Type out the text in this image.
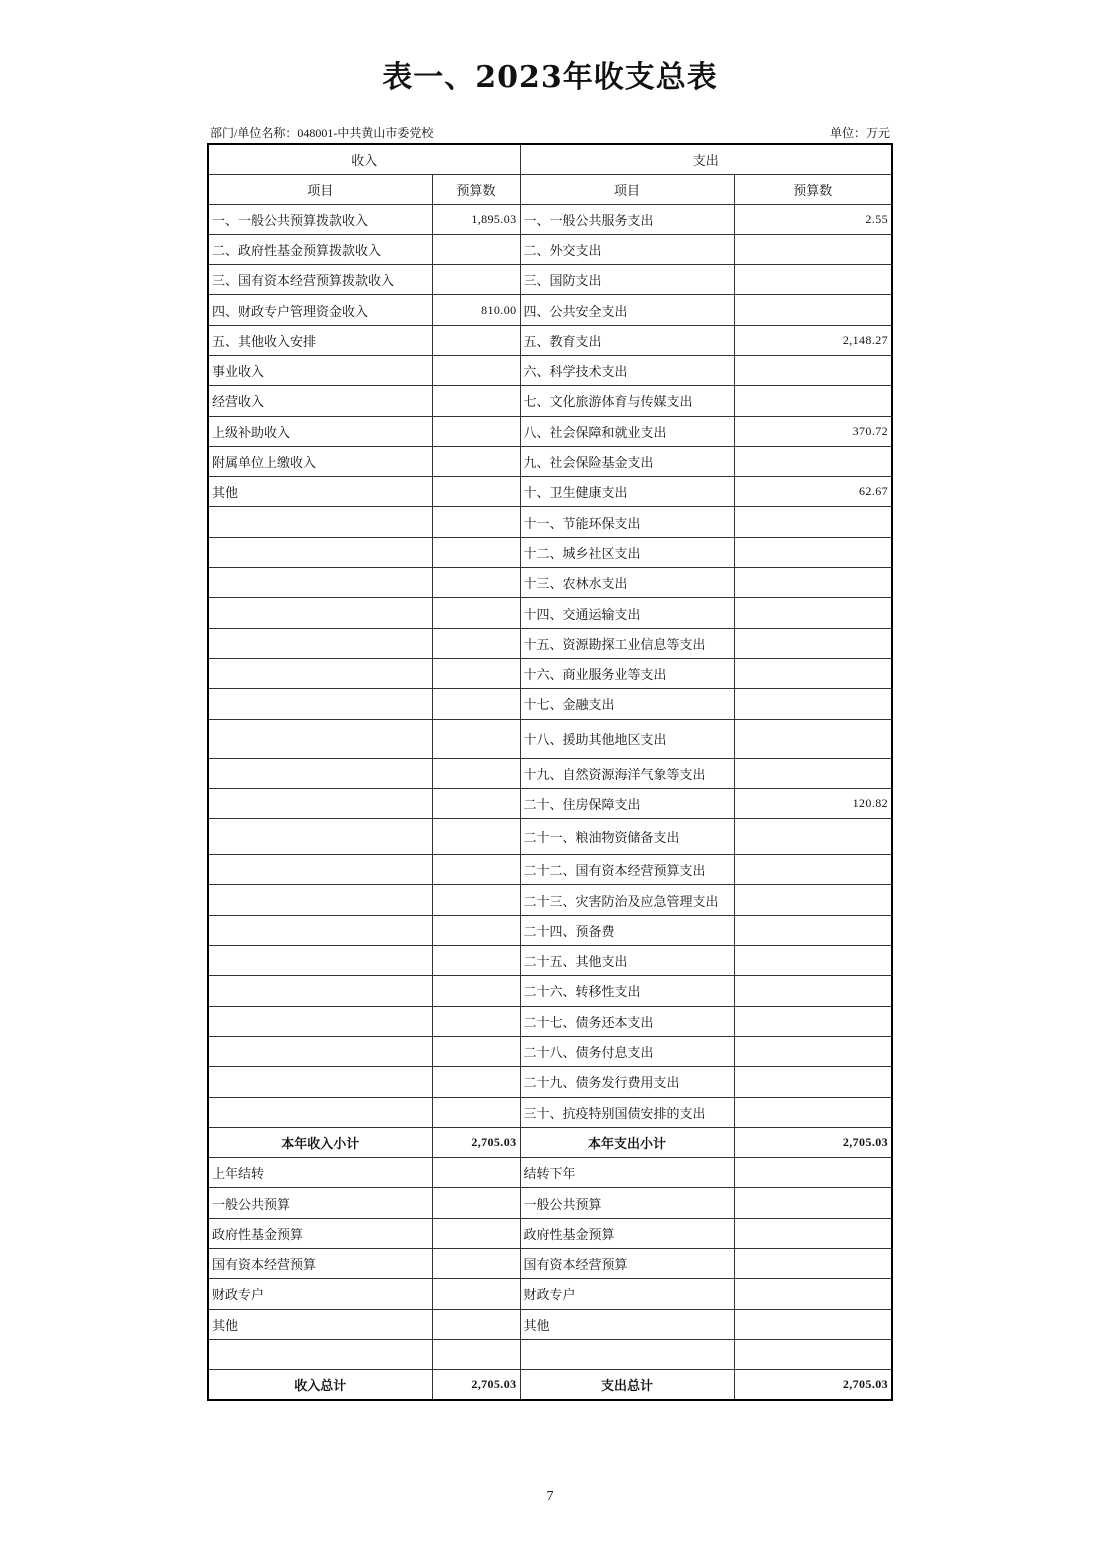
表一、2023年收支总表
部门/单位名称：048001-中共黄山市委党校	单位：万元
收入		支出	
项目	预算数	项目	预算数
一、一般公共预算拨款收入	1,895.03	一、一般公共服务支出	2.55
二、政府性基金预算拨款收入		二、外交支出	
三、国有资本经营预算拨款收入		三、国防支出	
四、财政专户管理资金收入	810.00	四、公共安全支出	
五、其他收入安排		五、教育支出	2,148.27
事业收入		六、科学技术支出	
经营收入		七、文化旅游体育与传媒支出	
上级补助收入		八、社会保障和就业支出	370.72
附属单位上缴收入		九、社会保险基金支出	
其他		十、卫生健康支出	62.67
		十一、节能环保支出	
		十二、城乡社区支出	
		十三、农林水支出	
		十四、交通运输支出	
		十五、资源勘探工业信息等支出	
		十六、商业服务业等支出	
		十七、金融支出	
		十八、援助其他地区支出	
		十九、自然资源海洋气象等支出	
		二十、住房保障支出	120.82
		二十一、粮油物资储备支出	
		二十二、国有资本经营预算支出	
		二十三、灾害防治及应急管理支出	
		二十四、预备费	
		二十五、其他支出	
		二十六、转移性支出	
		二十七、债务还本支出	
		二十八、债务付息支出	
		二十九、债务发行费用支出	
		三十、抗疫特别国债安排的支出	
本年收入小计	2,705.03	本年支出小计	2,705.03
上年结转		结转下年	
一般公共预算		一般公共预算	
政府性基金预算		政府性基金预算	
国有资本经营预算		国有资本经营预算	
财政专户		财政专户	
其他		其他	

收入总计	2,705.03	支出总计	2,705.03
7
